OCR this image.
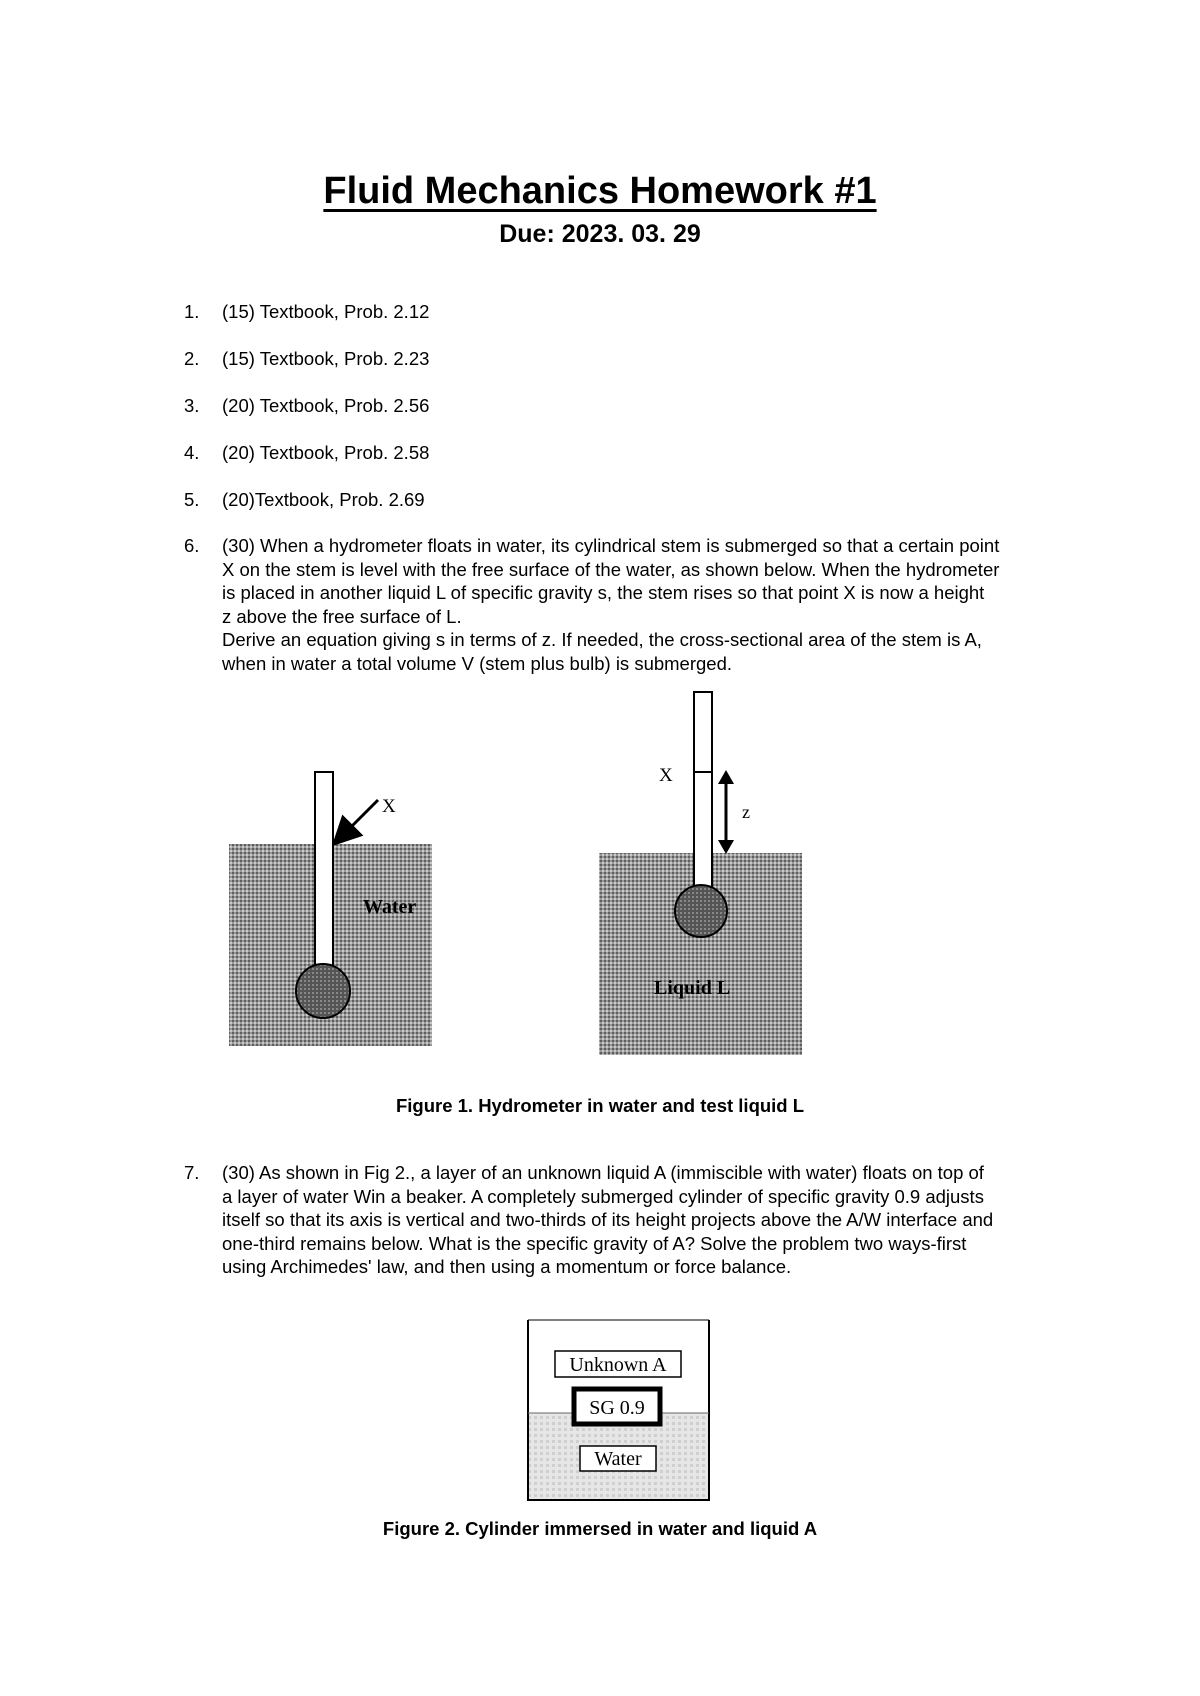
Fluid Mechanics Homework #1
Due: 2023. 03. 29
1. (15) Textbook, Prob. 2.12
2. (15) Textbook, Prob. 2.23
3. (20) Textbook, Prob. 2.56
4. (20) Textbook, Prob. 2.58
5. (20)Textbook, Prob. 2.69
6. (30) When a hydrometer floats in water, its cylindrical stem is submerged so that a certain point
X on the stem is level with the free surface of the water, as shown below. When the hydrometer
is placed in another liquid L of specific gravity s, the stem rises so that point X is now a height
z above the free surface of L.
Derive an equation giving s in terms of z. If needed, the cross-sectional area of the stem is A,
when in water a total volume V (stem plus bulb) is submerged.
7. (30) As shown in Fig 2., a layer of an unknown liquid A (immiscible with water) floats on top of
a layer of water Win a beaker. A completely submerged cylinder of specific gravity 0.9 adjusts
itself so that its axis is vertical and two-thirds of its height projects above the A/W interface and
one-third remains below. What is the specific gravity of A? Solve the problem two ways-first
using Archimedes' law, and then using a momentum or force balance.
X
Water
X
z
Liquid L
Unknown A
SG 0.9
Water
Figure 1. Hydrometer in water and test liquid L
Figure 2. Cylinder immersed in water and liquid A
